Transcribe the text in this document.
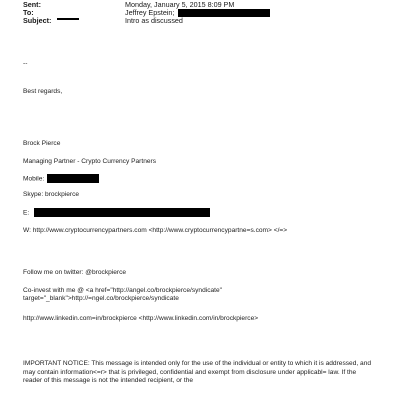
Sent:	Monday, January 5, 2015 8:09 PM
To:	Jeffrey Epstein;
Subject:	Intro as discussed
--
Best regards,
Brock Pierce
Managing Partner - Crypto Currency Partners
Mobile:
Skype: brockpierce
E:
W: http://www.cryptocurrencypartners.com <http://www.cryptocurrencypartne=s.com> </=>
Follow me on twitter: @brockpierce
Co-invest with me @ <a href="http://angel.co/brockpierce/syndicate"
target="_blank">http://=ngel.co/brockpierce/syndicate
http://www.linkedin.com=in/brockpierce <http://www.linkedin.com/in/brockpierce>
IMPORTANT NOTICE: This message is intended only for the use of the individual or entity to which it is addressed, and may contain information<=r> that is privileged, confidential and exempt from disclosure under applicabl= law. If the reader of this message is not the intended recipient, or the
